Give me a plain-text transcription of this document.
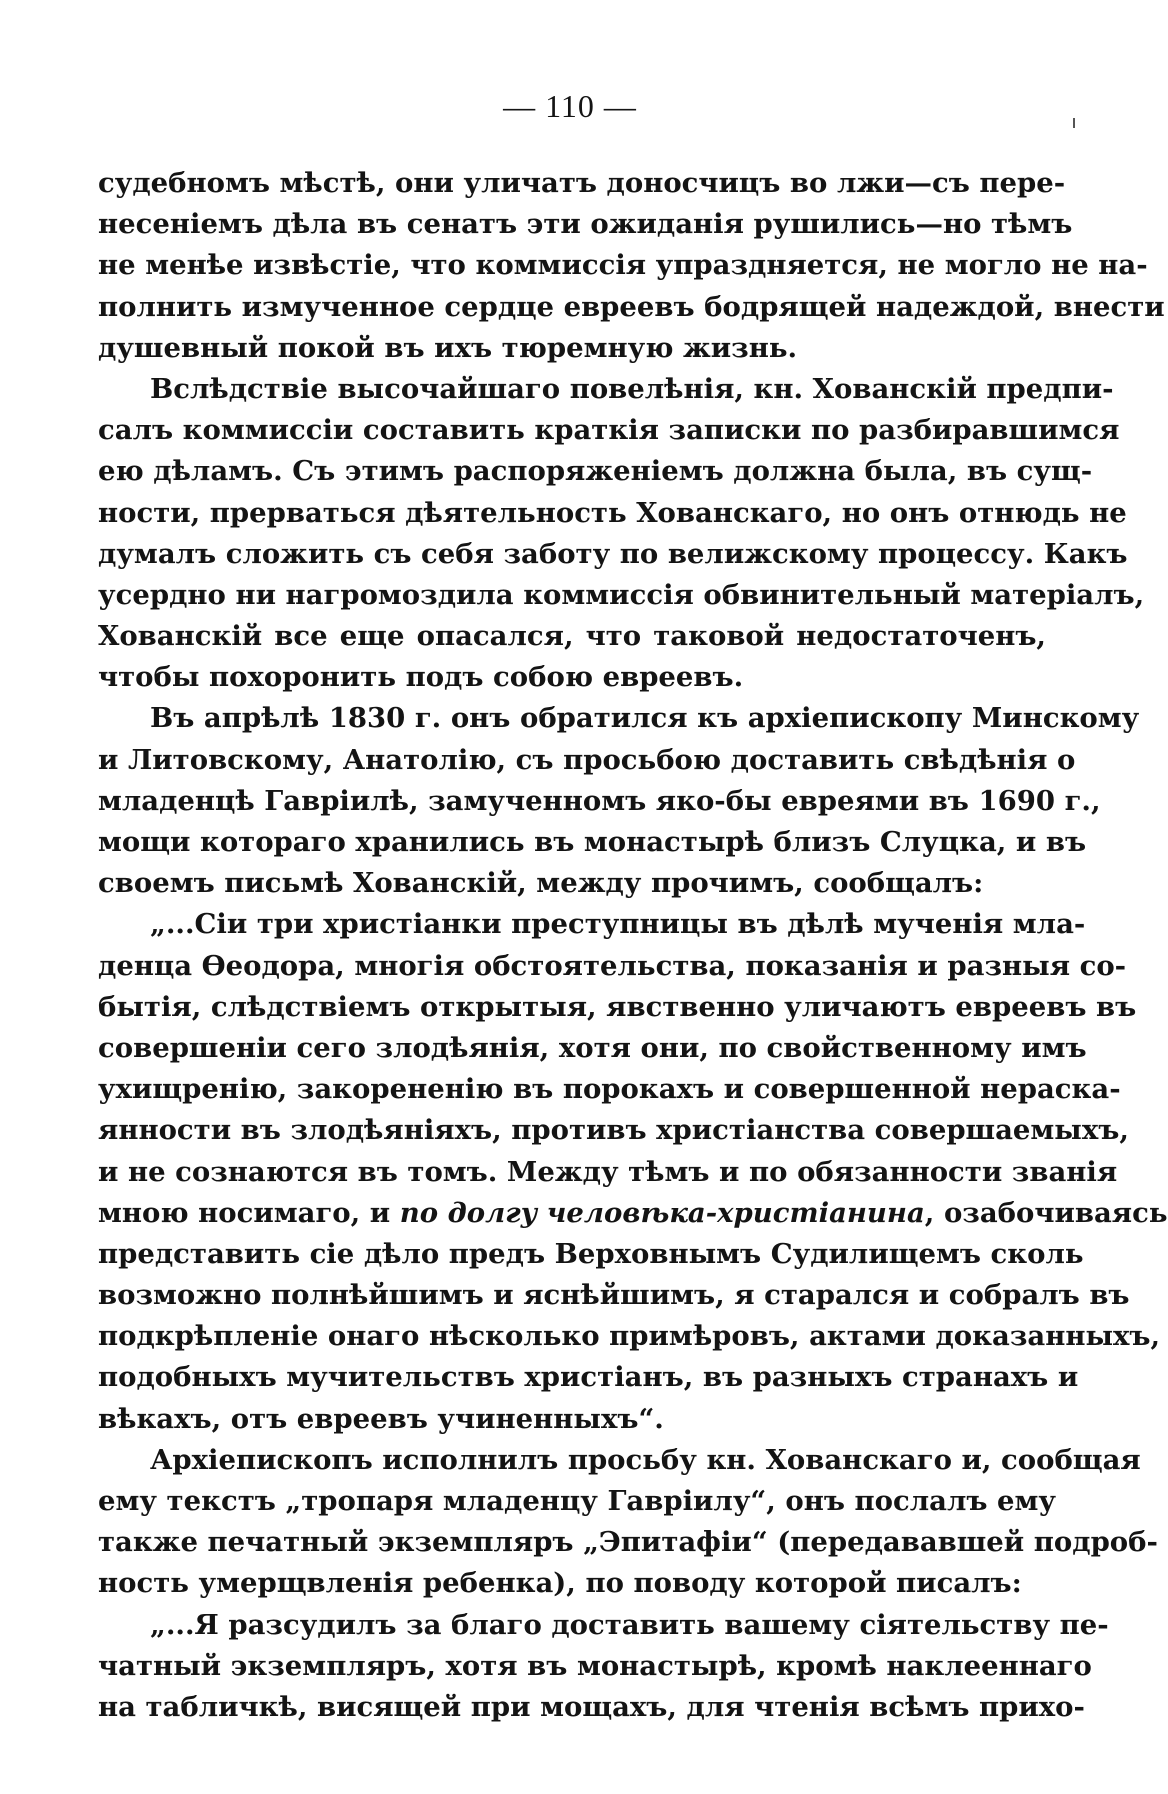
— 110 —
судебномъ мѣстѣ, они уличатъ доносчицъ во лжи—съ пере-
несеніемъ дѣла въ сенатъ эти ожиданія рушились—но тѣмъ
не менѣе извѣстіе, что коммиссія упраздняется, не могло не на-
полнить измученное сердце евреевъ бодрящей надеждой, внести
душевный покой въ ихъ тюремную жизнь.
Вслѣдствіе высочайшаго повелѣнія, кн. Хованскій предпи-
салъ коммиссіи составить краткія записки по разбиравшимся
ею дѣламъ. Съ этимъ распоряженіемъ должна была, въ сущ-
ности, прерваться дѣятельность Хованскаго, но онъ отнюдь не
думалъ сложить съ себя заботу по велижскому процессу. Какъ
усердно ни нагромоздила коммиссія обвинительный матеріалъ,
Хованскій все еще опасался, что таковой недостаточенъ,
чтобы похоронить подъ собою евреевъ.
Въ апрѣлѣ 1830 г. онъ обратился къ архіепископу Минскому
и Литовскому, Анатолію, съ просьбою доставить свѣдѣнія о
младенцѣ Гавріилѣ, замученномъ яко-бы евреями въ 1690 г.,
мощи котораго хранились въ монастырѣ близъ Слуцка, и въ
своемъ письмѣ Хованскій, между прочимъ, сообщалъ:
„...Сіи три христіанки преступницы въ дѣлѣ мученія мла-
денца Ѳеодора, многія обстоятельства, показанія и разныя со-
бытія, слѣдствіемъ открытыя, явственно уличаютъ евреевъ въ
совершеніи сего злодѣянія, хотя они, по свойственному имъ
ухищренію, закорененію въ порокахъ и совершенной нераска-
янности въ злодѣяніяхъ, противъ христіанства совершаемыхъ,
и не сознаются въ томъ. Между тѣмъ и по обязанности званія
мною носимаго, и по долгу человѣка-христіанина, озабочиваясь
представить сіе дѣло предъ Верховнымъ Судилищемъ сколь
возможно полнѣйшимъ и яснѣйшимъ, я старался и собралъ въ
подкрѣпленіе онаго нѣсколько примѣровъ, актами доказанныхъ,
подобныхъ мучительствъ христіанъ, въ разныхъ странахъ и
вѣкахъ, отъ евреевъ учиненныхъ“.
Архіепископъ исполнилъ просьбу кн. Хованскаго и, сообщая
ему текстъ „тропаря младенцу Гавріилу“, онъ послалъ ему
также печатный экземпляръ „Эпитафіи“ (передававшей подроб-
ность умерщвленія ребенка), по поводу которой писалъ:
„...Я разсудилъ за благо доставить вашему сіятельству пе-
чатный экземпляръ, хотя въ монастырѣ, кромѣ наклееннаго
на табличкѣ, висящей при мощахъ, для чтенія всѣмъ прихо-
